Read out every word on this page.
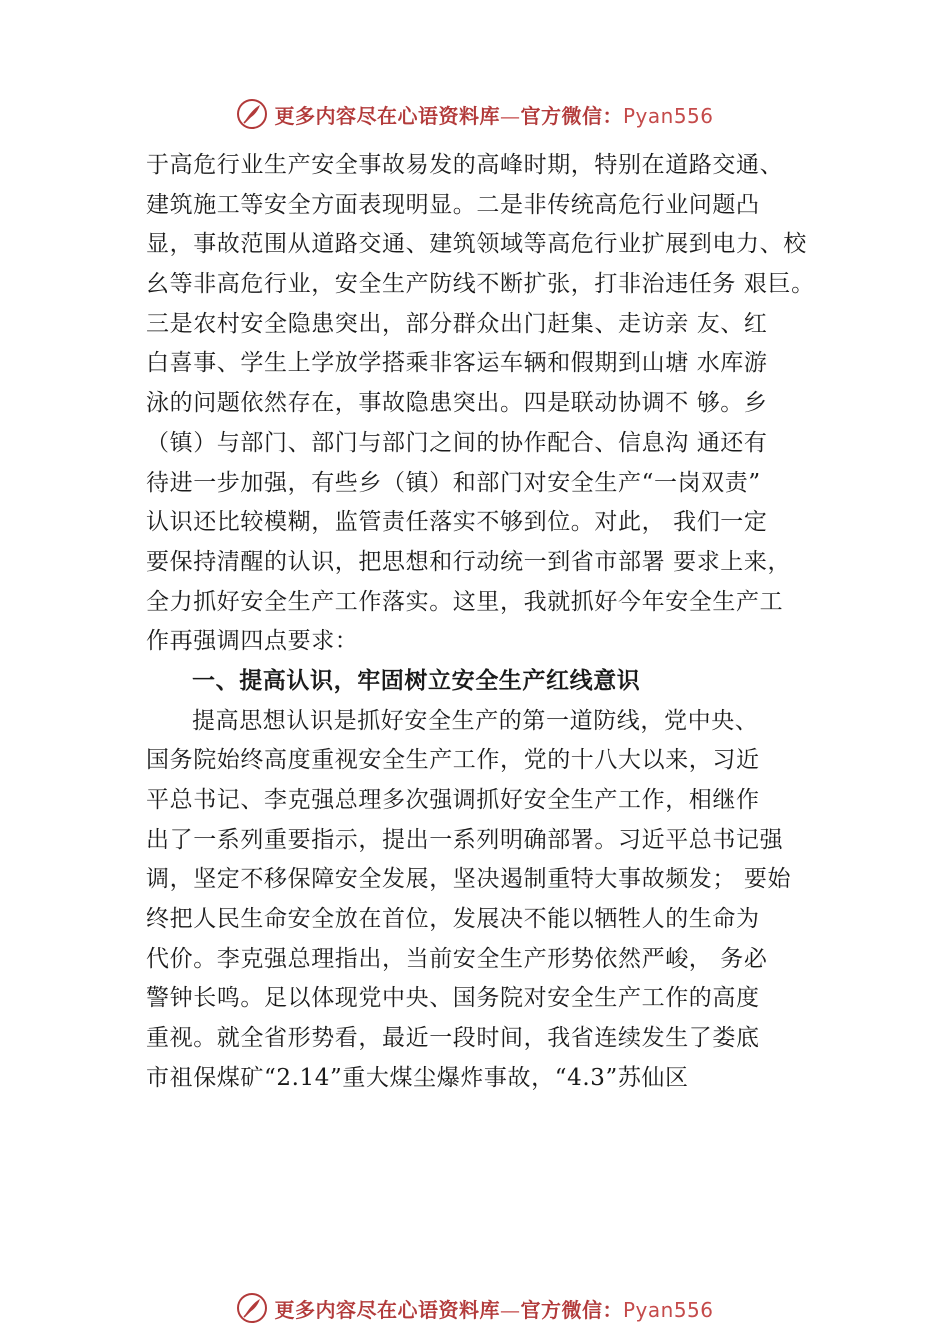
更多内容尽在心语资料库—官方微信：Pyan556
于高危行业生产安全事故易发的高峰时期，特别在道路交通、
建筑施工等安全方面表现明显。二是非传统高危行业问题凸
显，事故范围从道路交通、建筑领域等高危行业扩展到电力、校
幺等非高危行业，安全生产防线不断扩张，打非治违任务 艰巨。
三是农村安全隐患突出，部分群众出门赶集、走访亲 友、红
白喜事、学生上学放学搭乘非客运车辆和假期到山塘 水库游
泳的问题依然存在，事故隐患突出。四是联动协调不 够。乡
（镇）与部门、部门与部门之间的协作配合、信息沟 通还有
待进一步加强，有些乡（镇）和部门对安全生产“一岗双责”
认识还比较模糊，监管责任落实不够到位。对此， 我们一定
要保持清醒的认识，把思想和行动统一到省市部署 要求上来，
全力抓好安全生产工作落实。这里，我就抓好今年安全生产工
作再强调四点要求：
一、提高认识，牢固树立安全生产红线意识
提高思想认识是抓好安全生产的第一道防线，党中央、
国务院始终高度重视安全生产工作，党的十八大以来，习近
平总书记、李克强总理多次强调抓好安全生产工作，相继作
出了一系列重要指示，提出一系列明确部署。习近平总书记强
调，坚定不移保障安全发展，坚决遏制重特大事故频发； 要始
终把人民生命安全放在首位，发展决不能以牺牲人的生命为
代价。李克强总理指出，当前安全生产形势依然严峻， 务必
警钟长鸣。足以体现党中央、国务院对安全生产工作的高度
重视。就全省形势看，最近一段时间，我省连续发生了娄底
市祖保煤矿“2.14”重大煤尘爆炸事故，“4.3”苏仙区
更多内容尽在心语资料库—官方微信：Pyan556
